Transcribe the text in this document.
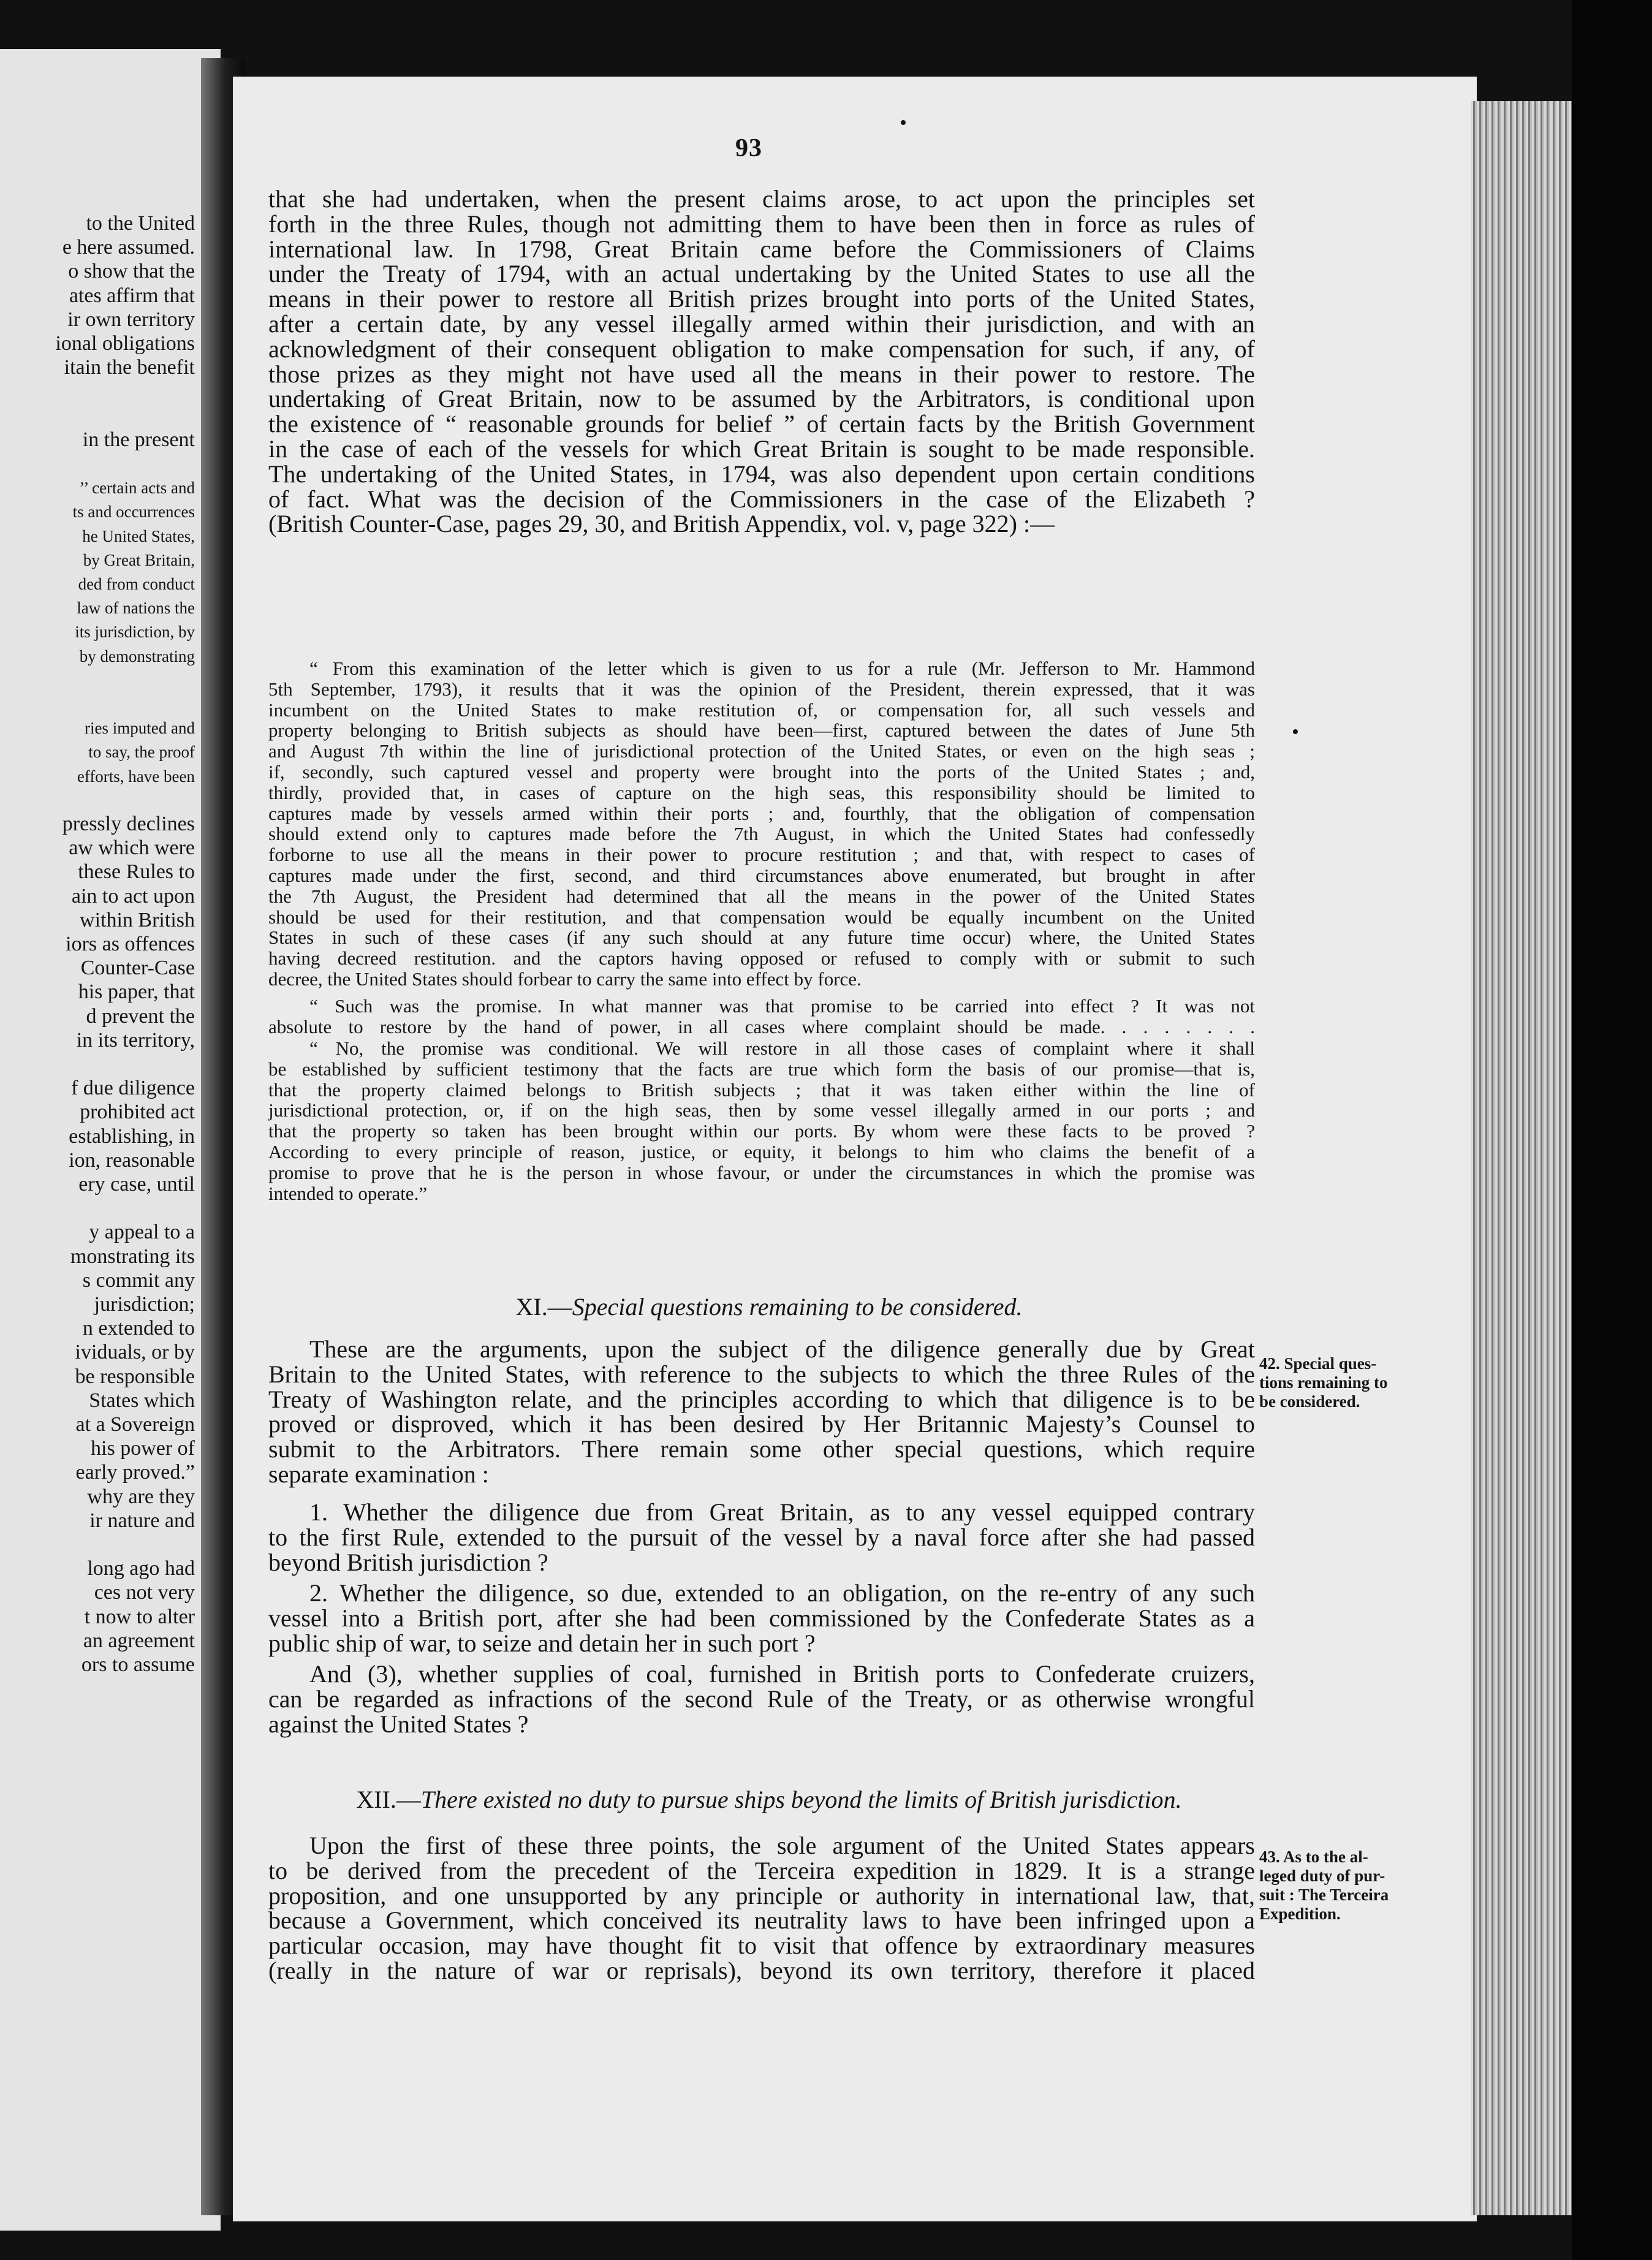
to the United
e here assumed.
o show that the
ates affirm that
ir own territory
ional obligations
itain the benefit
in the present
’’ certain acts and
ts and occurrences
he United States,
by Great Britain,
ded from conduct
law of nations the
its jurisdiction, by
by demonstrating
ries imputed and
to say, the proof
efforts, have been
pressly declines
aw which were
these Rules to
ain to act upon
within British
iors as offences
Counter-Case
his paper, that
d prevent the
in its territory,
f due diligence
prohibited act
establishing, in
ion, reasonable
ery case, until
y appeal to a
monstrating its
s commit any
jurisdiction;
n extended to
ividuals, or by
be responsible
States which
at a Sovereign
his power of
early proved.”
why are they
ir nature and
long ago had
ces not very
t now to alter
an agreement
ors to assume
93
that she had undertaken, when the present claims arose, to act upon the principles set
forth in the three Rules, though not admitting them to have been then in force as rules of
international law. In 1798, Great Britain came before the Commissioners of Claims
under the Treaty of 1794, with an actual undertaking by the United States to use all the
means in their power to restore all British prizes brought into ports of the United States,
after a certain date, by any vessel illegally armed within their jurisdiction, and with an
acknowledgment of their consequent obligation to make compensation for such, if any, of
those prizes as they might not have used all the means in their power to restore. The
undertaking of Great Britain, now to be assumed by the Arbitrators, is conditional upon
the existence of “ reasonable grounds for belief ” of certain facts by the British Government
in the case of each of the vessels for which Great Britain is sought to be made responsible.
The undertaking of the United States, in 1794, was also dependent upon certain conditions
of fact. What was the decision of the Commissioners in the case of the Elizabeth ?
(British Counter-Case, pages 29, 30, and British Appendix, vol. v, page 322) :—
“ From this examination of the letter which is given to us for a rule (Mr. Jefferson to Mr. Hammond
5th September, 1793), it results that it was the opinion of the President, therein expressed, that it was
incumbent on the United States to make restitution of, or compensation for, all such vessels and
property belonging to British subjects as should have been—first, captured between the dates of June 5th
and August 7th within the line of jurisdictional protection of the United States, or even on the high seas ;
if, secondly, such captured vessel and property were brought into the ports of the United States ; and,
thirdly, provided that, in cases of capture on the high seas, this responsibility should be limited to
captures made by vessels armed within their ports ; and, fourthly, that the obligation of compensation
should extend only to captures made before the 7th August, in which the United States had confessedly
forborne to use all the means in their power to procure restitution ; and that, with respect to cases of
captures made under the first, second, and third circumstances above enumerated, but brought in after
the 7th August, the President had determined that all the means in the power of the United States
should be used for their restitution, and that compensation would be equally incumbent on the United
States in such of these cases (if any such should at any future time occur) where, the United States
having decreed restitution. and the captors having opposed or refused to comply with or submit to such
decree, the United States should forbear to carry the same into effect by force.
“ Such was the promise. In what manner was that promise to be carried into effect ? It was not
absolute to restore by the hand of power, in all cases where complaint should be made. . . . . . . .
“ No, the promise was conditional. We will restore in all those cases of complaint where it shall
be established by sufficient testimony that the facts are true which form the basis of our promise—that is,
that the property claimed belongs to British subjects ; that it was taken either within the line of
jurisdictional protection, or, if on the high seas, then by some vessel illegally armed in our ports ; and
that the property so taken has been brought within our ports. By whom were these facts to be proved ?
According to every principle of reason, justice, or equity, it belongs to him who claims the benefit of a
promise to prove that he is the person in whose favour, or under the circumstances in which the promise was
intended to operate.”
XI.—Special questions remaining to be considered.
These are the arguments, upon the subject of the diligence generally due by Great
Britain to the United States, with reference to the subjects to which the three Rules of the
Treaty of Washington relate, and the principles according to which that diligence is to be
proved or disproved, which it has been desired by Her Britannic Majesty’s Counsel to
submit to the Arbitrators. There remain some other special questions, which require
separate examination :
1. Whether the diligence due from Great Britain, as to any vessel equipped contrary
to the first Rule, extended to the pursuit of the vessel by a naval force after she had passed
beyond British jurisdiction ?
2. Whether the diligence, so due, extended to an obligation, on the re-entry of any such
vessel into a British port, after she had been commissioned by the Confederate States as a
public ship of war, to seize and detain her in such port ?
And (3), whether supplies of coal, furnished in British ports to Confederate cruizers,
can be regarded as infractions of the second Rule of the Treaty, or as otherwise wrongful
against the United States ?
XII.—There existed no duty to pursue ships beyond the limits of British jurisdiction.
Upon the first of these three points, the sole argument of the United States appears
to be derived from the precedent of the Terceira expedition in 1829. It is a strange
proposition, and one unsupported by any principle or authority in international law, that,
because a Government, which conceived its neutrality laws to have been infringed upon a
particular occasion, may have thought fit to visit that offence by extraordinary measures
(really in the nature of war or reprisals), beyond its own territory, therefore it placed
42. Special ques-
tions remaining to
be considered.
43. As to the al-
leged duty of pur-
suit : The Terceira
Expedition.
